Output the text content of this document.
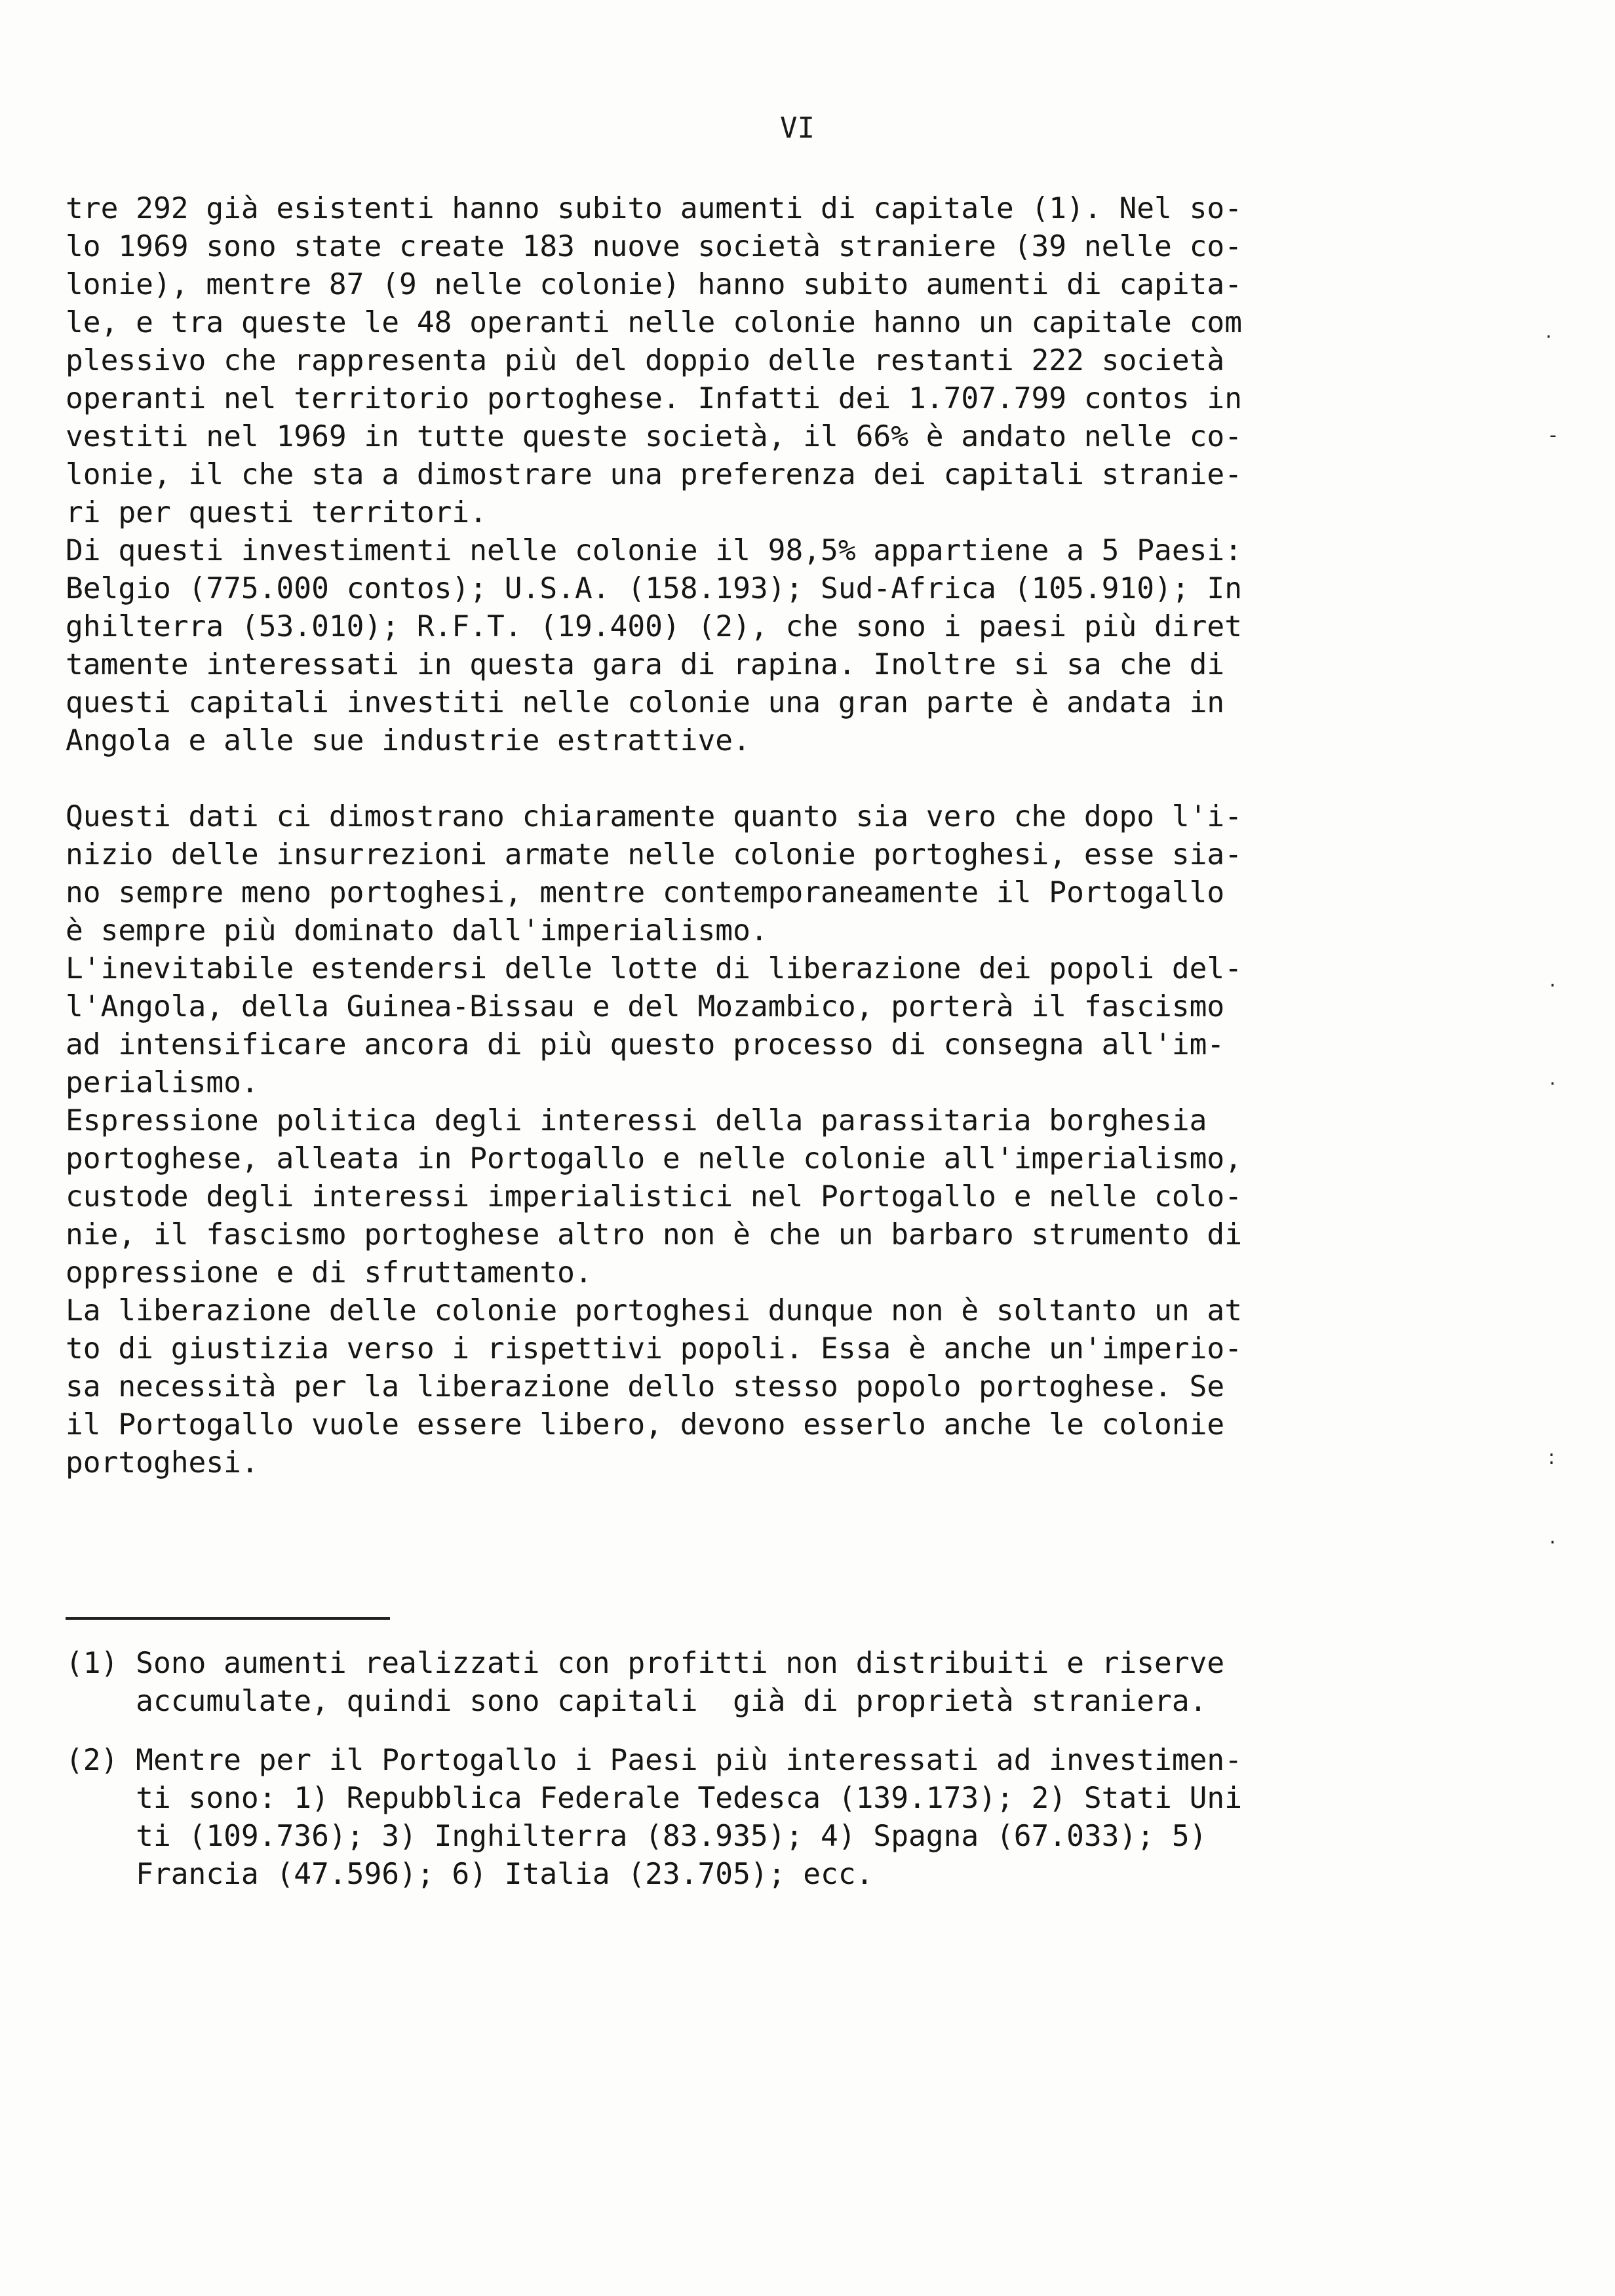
VI

tre 292 già esistenti hanno subito aumenti di capitale (1). Nel so-
lo 1969 sono state create 183 nuove società straniere (39 nelle co-
lonie), mentre 87 (9 nelle colonie) hanno subito aumenti di capita-
le, e tra queste le 48 operanti nelle colonie hanno un capitale com
plessivo che rappresenta più del doppio delle restanti 222 società
operanti nel territorio portoghese. Infatti dei 1.707.799 contos in
vestiti nel 1969 in tutte queste società, il 66% è andato nelle co-
lonie, il che sta a dimostrare una preferenza dei capitali stranie-
ri per questi territori.
Di questi investimenti nelle colonie il 98,5% appartiene a 5 Paesi:
Belgio (775.000 contos); U.S.A. (158.193); Sud-Africa (105.910); In
ghilterra (53.010); R.F.T. (19.400) (2), che sono i paesi più diret
tamente interessati in questa gara di rapina. Inoltre si sa che di
questi capitali investiti nelle colonie una gran parte è andata in
Angola e alle sue industrie estrattive.

Questi dati ci dimostrano chiaramente quanto sia vero che dopo l'i-
nizio delle insurrezioni armate nelle colonie portoghesi, esse sia-
no sempre meno portoghesi, mentre contemporaneamente il Portogallo
è sempre più dominato dall'imperialismo.
L'inevitabile estendersi delle lotte di liberazione dei popoli del-
l'Angola, della Guinea-Bissau e del Mozambico, porterà il fascismo
ad intensificare ancora di più questo processo di consegna all'im-
perialismo.
Espressione politica degli interessi della parassitaria borghesia
portoghese, alleata in Portogallo e nelle colonie all'imperialismo,
custode degli interessi imperialistici nel Portogallo e nelle colo-
nie, il fascismo portoghese altro non è che un barbaro strumento di
oppressione e di sfruttamento.
La liberazione delle colonie portoghesi dunque non è soltanto un at
to di giustizia verso i rispettivi popoli. Essa è anche un'imperio-
sa necessità per la liberazione dello stesso popolo portoghese. Se
il Portogallo vuole essere libero, devono esserlo anche le colonie
portoghesi.

(1) Sono aumenti realizzati con profitti non distribuiti e riserve
accumulate, quindi sono capitali  già di proprietà straniera.

(2) Mentre per il Portogallo i Paesi più interessati ad investimen-
ti sono: 1) Repubblica Federale Tedesca (139.173); 2) Stati Uni
ti (109.736); 3) Inghilterra (83.935); 4) Spagna (67.033); 5)
Francia (47.596); 6) Italia (23.705); ecc.

·
-
·
·
:
·
